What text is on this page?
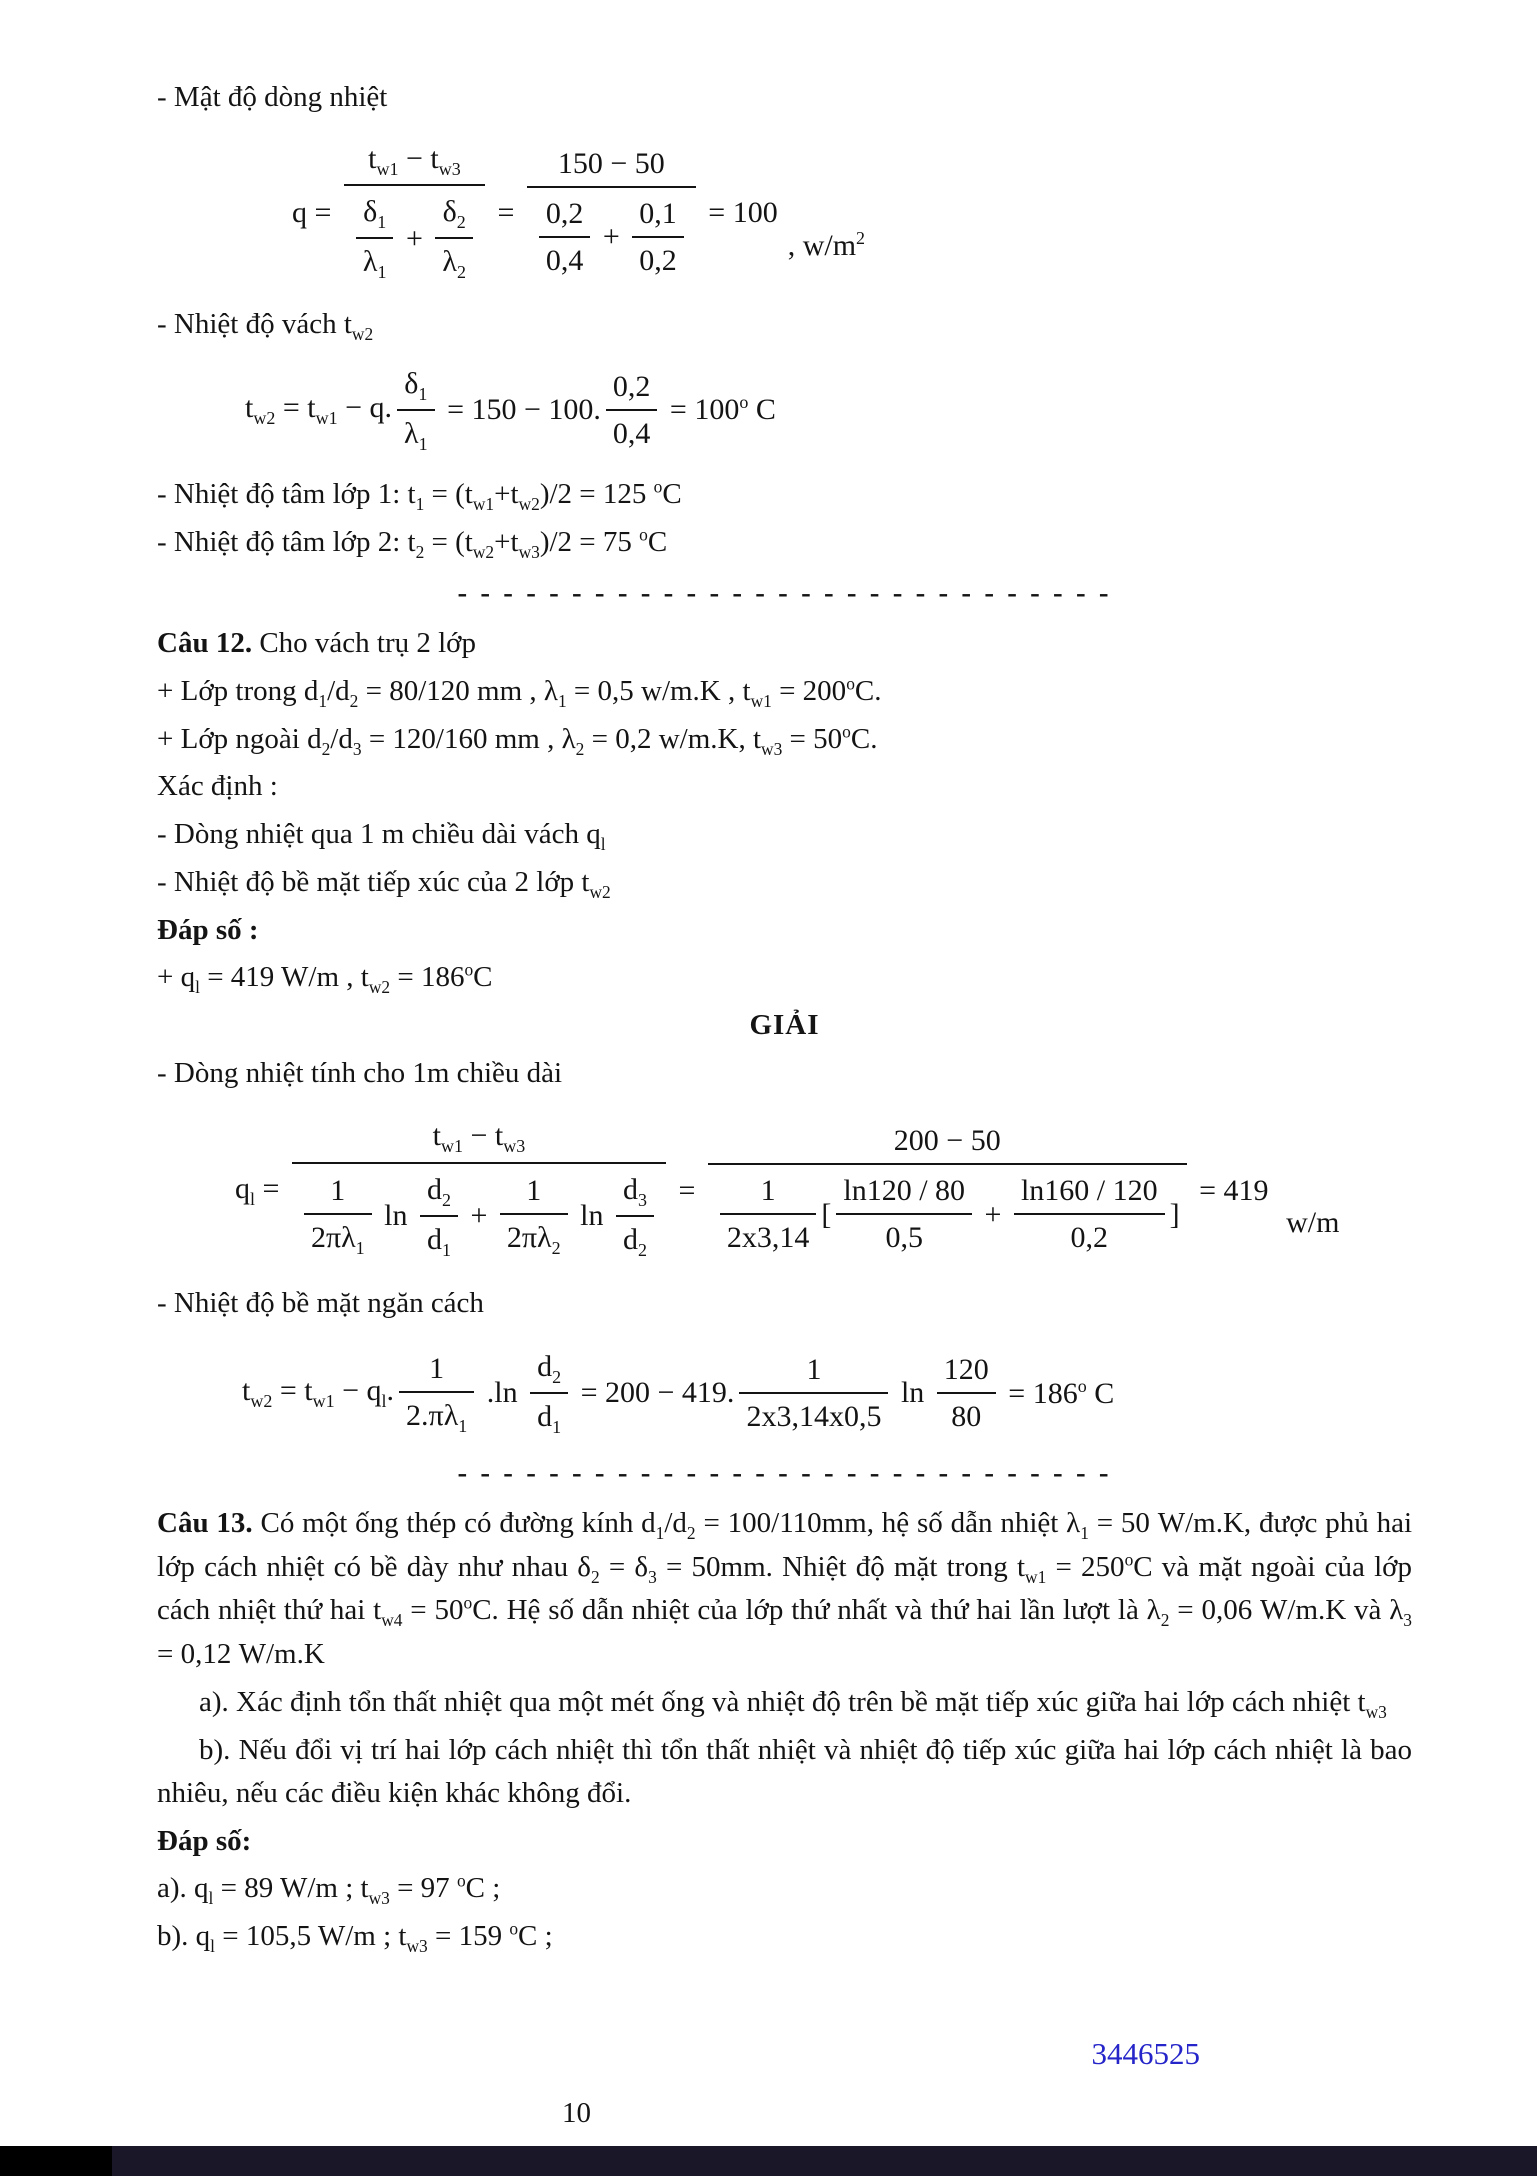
- Mật độ dòng nhiệt

$q = \frac{t_{w1} - t_{w3}}{\frac{\delta_1}{\lambda_1} + \frac{\delta_2}{\lambda_2}} = \frac{150 - 50}{\frac{0,2}{0,4} + \frac{0,1}{0,2}} = 100$
, $w/m^2$

- Nhiệt độ vách $t_{w2}$

$t_{w2} = t_{w1} - q$. $\frac{\delta_1}{\lambda_1} = 150 - 100$. $\frac{0,2}{0,4} = 100^o$ C

- Nhiệt độ tâm lớp 1: $t_1 = (t_{w1}+t_{w2})/2 = 125$ $^o$C

- Nhiệt độ tâm lớp 2: $t_2 = (t_{w2}+t_{w3})/2 = 75$ $^o$C

- - - - - - - - - - - - - - - - - - - - - - - - - - - - -

Câu 12. Cho vách trụ 2 lớp

+ Lớp trong $d_1/d_2 = 80/120$ mm , $\lambda_1 = 0,5$ w/m.K , $t_{w1} = 200^oC$.

+ Lớp ngoài $d_2/d_3 = 120/160$ mm , $\lambda_2 = 0,2$ w/m.K, $t_{w3} = 50^oC$.

Xác định :

- Dòng nhiệt qua 1 m chiều dài vách $q_l$

- Nhiệt độ bề mặt tiếp xúc của 2 lớp $t_{w2}$

Đáp số :

+ $q_l = 419$ W/m , $t_{w2} = 186^oC$

GIẢI

- Dòng nhiệt tính cho 1m chiều dài

$q_l = \frac{t_{w1} - t_{w3}}{\frac{1}{2\pi\lambda_1} \ln \frac{d_2}{d_1} + \frac{1}{2\pi\lambda_2} \ln \frac{d_3}{d_2}} = \frac{200 - 50}{\frac{1}{2x3,14} [ \frac{\ln 120 / 80}{0,5} + \frac{\ln 160 / 120}{0,2} ]} = 419$
w/m

- Nhiệt độ bề mặt ngăn cách

$t_{w2} = t_{w1} - q_l$. $\frac{1}{2.\pi\lambda_1} .\ln \frac{d_2}{d_1} = 200 - 419$. $\frac{1}{2x3,14x0,5}$ $\ln \frac{120}{80} = 186^o$ C
- - - - - - - - - - - - - - - - - - - - - - - - - - - - -

Câu 13. Có một ống thép có đường kính $d_1/d_2 = 100/110mm$, hệ số dẫn nhiệt $\lambda_1 = 50$ W/m.K, được phủ hai lớp cách nhiệt có bề dày như nhau $\delta_2 = \delta_3 = 50mm$. Nhiệt độ mặt trong $t_{w1} = 250^oC$ và mặt ngoài của lớp cách nhiệt thứ hai $t_{w4} = 50^oC$. Hệ số dẫn nhiệt của lớp thứ nhất và thứ hai lần lượt là $\lambda_2 = 0,06$ W/m.K và $\lambda_3 = 0,12$ W/m.K

a). Xác định tổn thất nhiệt qua một mét ống và nhiệt độ trên bề mặt tiếp xúc giữa hai lớp cách nhiệt $t_{w3}$

b). Nếu đổi vị trí hai lớp cách nhiệt thì tổn thất nhiệt và nhiệt độ tiếp xúc giữa hai lớp cách nhiệt là bao nhiêu, nếu các điều kiện khác không đổi.

Đáp số:

a). $q_l = 89$ W/m ; $t_{w3} = 97$ $^o$C ;

b). $q_l = 105,5$ W/m ; $t_{w3} = 159$ $^o$C ;

3446525
10
